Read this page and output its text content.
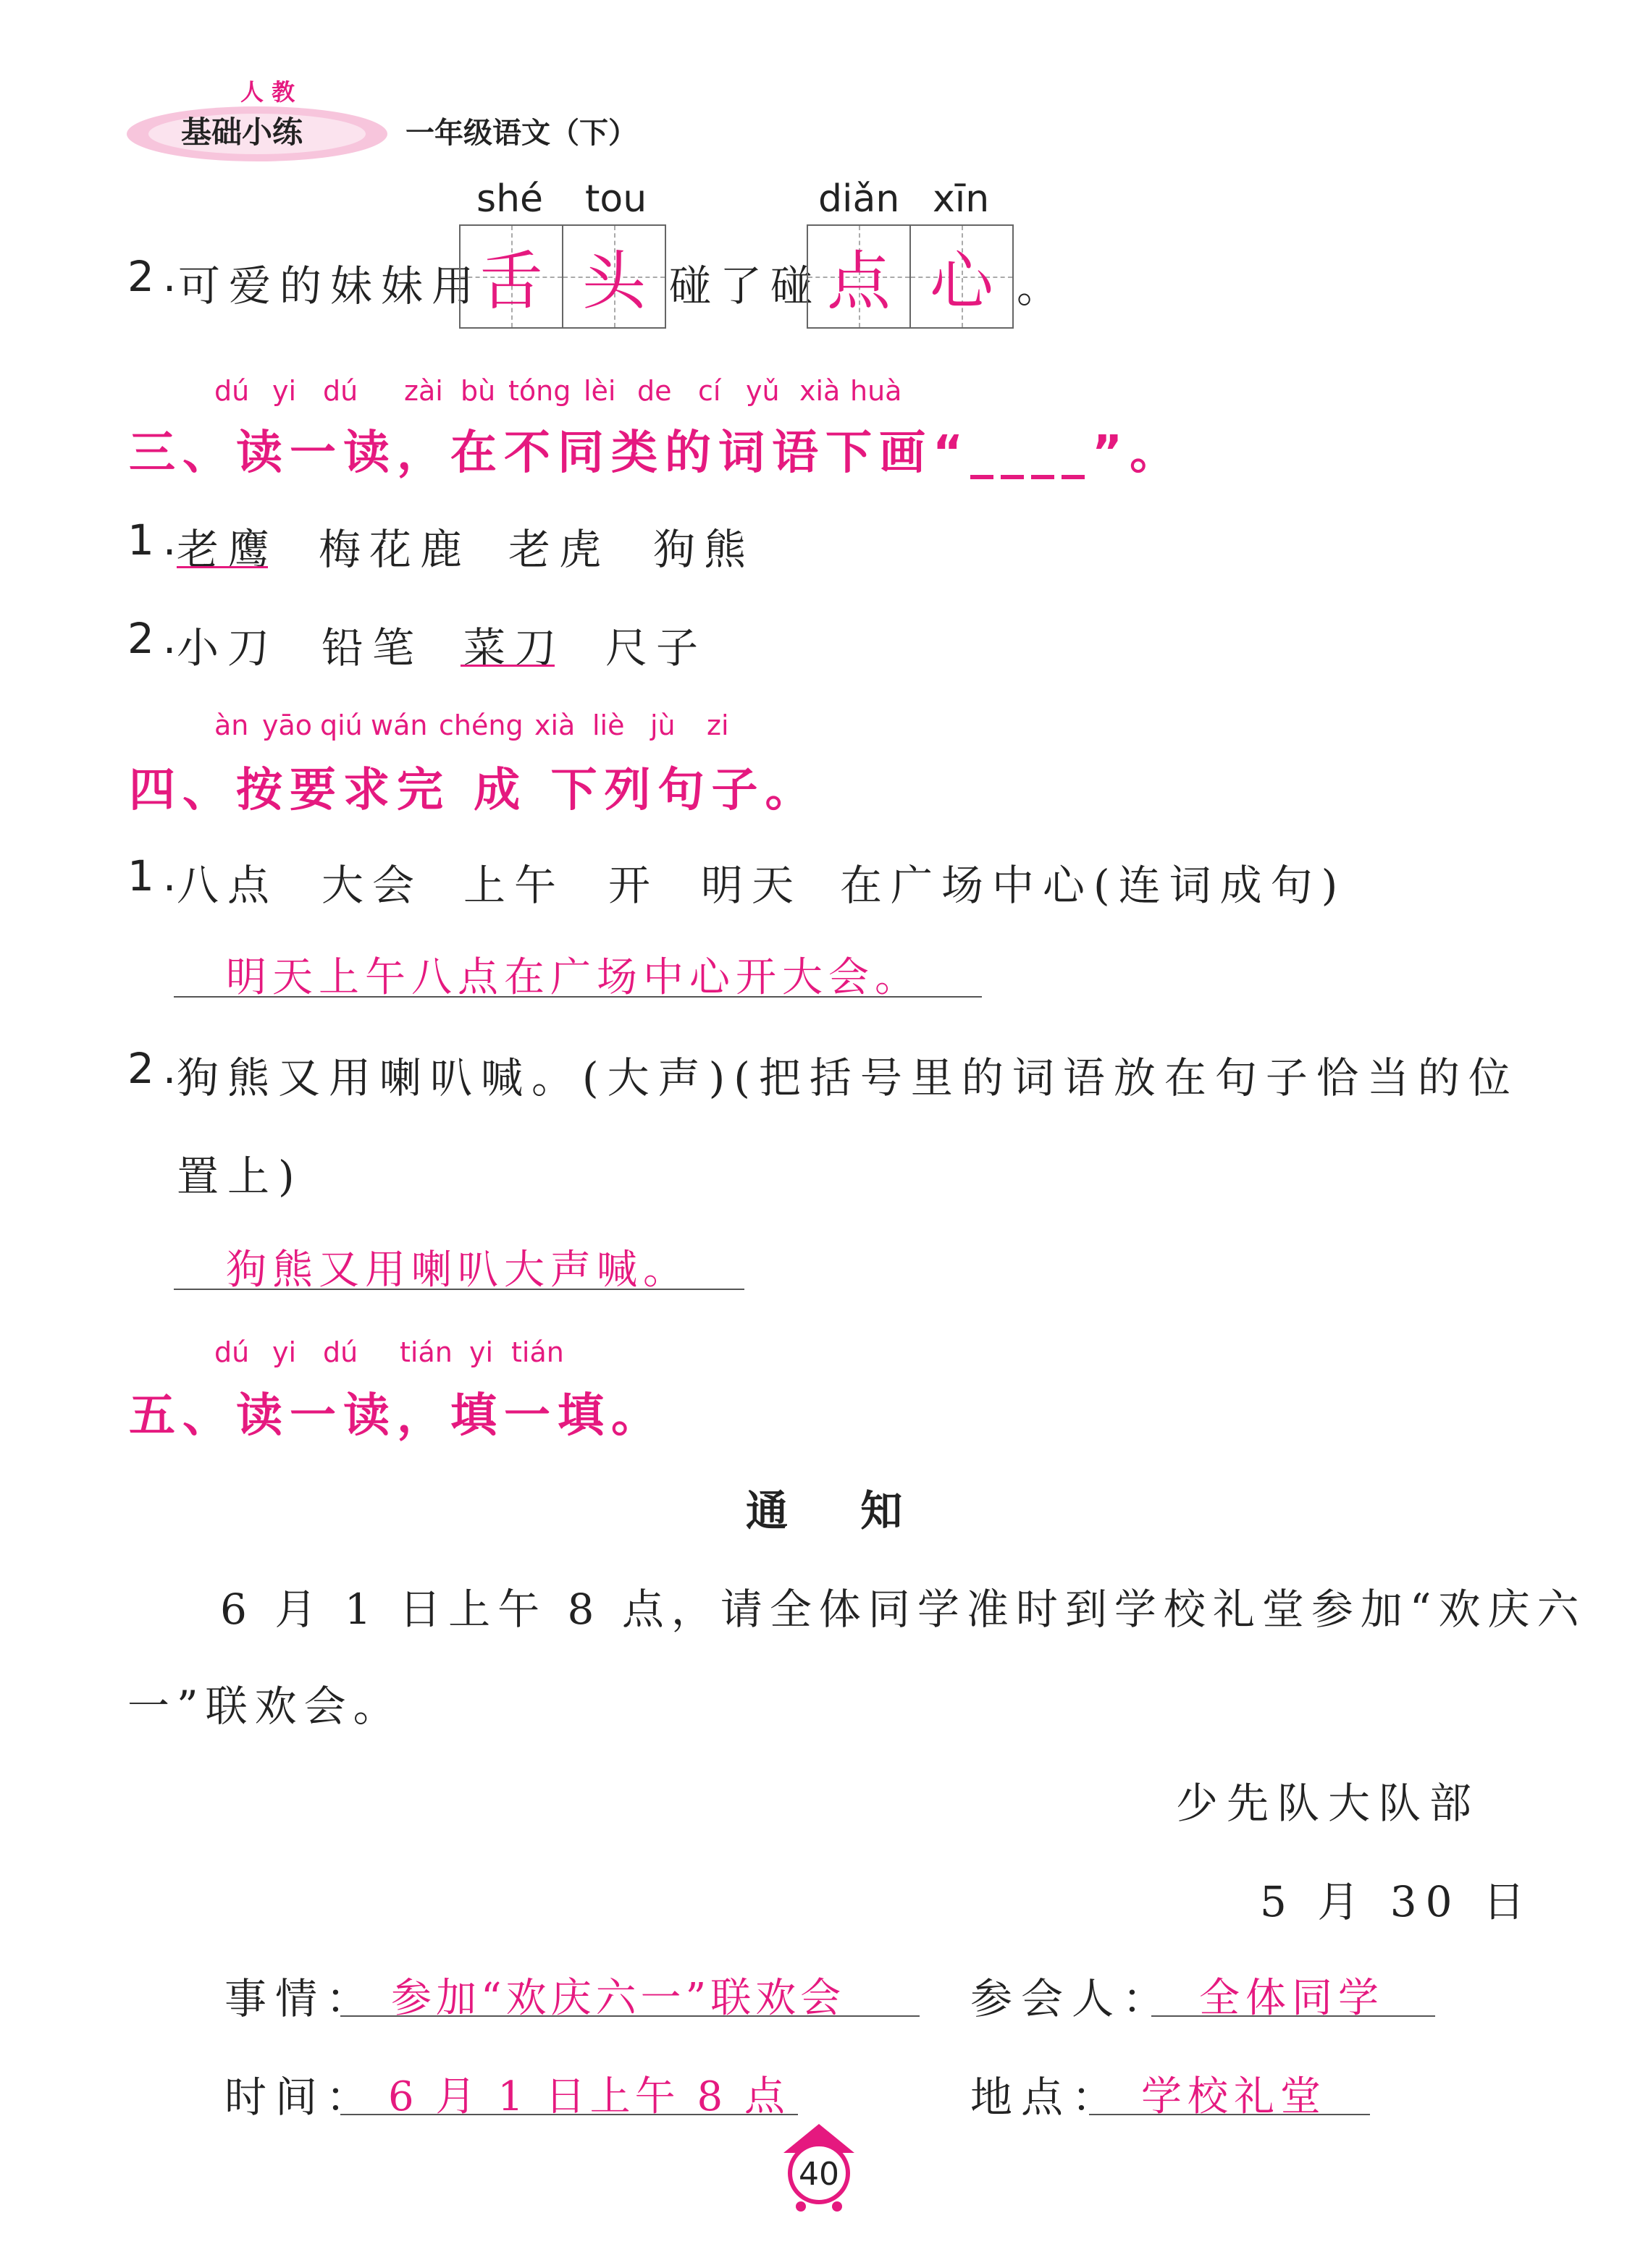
人 教
基础小练	一年级语文（下）
shé tou	diǎn xīn
2.
可爱的妹妹用
舌 头 碰了碰 点 心 。
dú yi dú zài bù tóng lèi de cí yǔ xià huà
三、读一读，在不同类的词语下画“____”。
1.
老鹰 梅花鹿 老虎 狗熊
2.
小刀 铅笔 菜刀 尺子
àn yāo qiú wán chéng xià liè jù zi
四、按要求完 成 下列句子。
1.
八点 大会 上午 开 明天 在广场中心 (连词成句)
明天上午八点在广场中心开大会。
2.
狗熊又用喇叭喊。(大声)(把括号里的词语放在句子恰当的位
置上)
狗熊又用喇叭大声喊。
dú yi dú tián yi tián
五、读一读，填一填。
通 知
6 月 1 日上午 8 点，请全体同学准时到学校礼堂参加“欢庆六
一”联欢会。
少先队大队部
5 月 30 日
事情： 参加“欢庆六一”联欢会	参会人： 全体同学
时间： 6 月 1 日上午 8 点	地点： 学校礼堂
40
